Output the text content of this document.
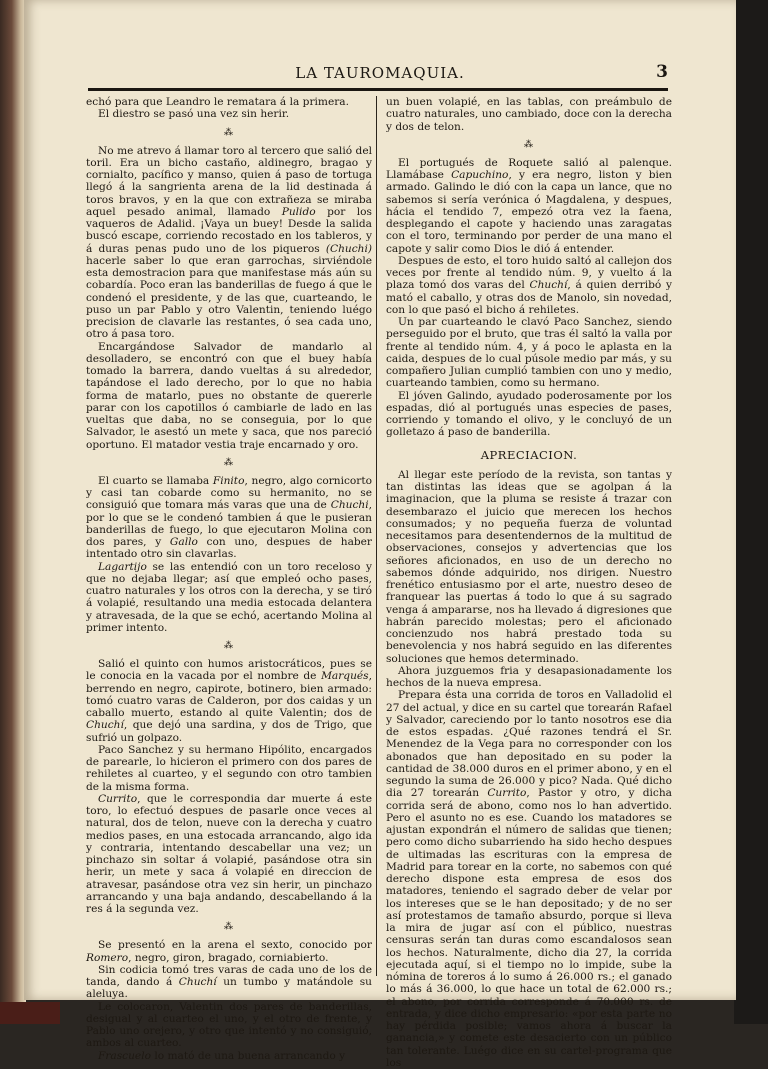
LA TAUROMAQUIA.	3

echó para que Leandro le rematara á la primera.

El diestro se pasó una vez sin herir.

⁂

No me atrevo á llamar toro al tercero que salió del toril. Era un bicho castaño, aldinegro, bragao y cornialto, pacífico y manso, quien á paso de tortuga llegó á la sangrienta arena de la lid destinada á toros bravos, y en la que con extrañeza se miraba aquel pesado animal, llamado Pulido por los vaqueros de Adalid. ¡Vaya un buey! Desde la salida buscó escape, corriendo recostado en los tableros, y á duras penas pudo uno de los piqueros (Chuchi) hacerle saber lo que eran garrochas, sirviéndole esta demostracion para que manifestase más aún su cobardía. Poco eran las banderillas de fuego á que le condenó el presidente, y de las que, cuarteando, le puso un par Pablo y otro Valentin, teniendo luégo precision de clavarle las restantes, ó sea cada uno, otro á pasa toro.

Encargándose Salvador de mandarlo al desolladero, se encontró con que el buey había tomado la barrera, dando vueltas á su alrededor, tapándose el lado derecho, por lo que no habia forma de matarlo, pues no obstante de quererle parar con los capotillos ó cambiarle de lado en las vueltas que daba, no se conseguia, por lo que Salvador, le asestó un mete y saca, que nos pareció oportuno. El matador vestia traje encarnado y oro.

⁂

El cuarto se llamaba Finito, negro, algo cornicorto y casi tan cobarde como su hermanito, no se consiguió que tomara más varas que una de Chuchi, por lo que se le condenó tambien á que le pusieran banderillas de fuego, lo que ejecutaron Molina con dos pares, y Gallo con uno, despues de haber intentado otro sin clavarlas.

Lagartijo se las entendió con un toro receloso y que no dejaba llegar; así que empleó ocho pases, cuatro naturales y los otros con la derecha, y se tiró á volapié, resultando una media estocada delantera y atravesada, de la que se echó, acertando Molina al primer intento.

⁂

Salió el quinto con humos aristocráticos, pues se le conocia en la vacada por el nombre de Marqués, berrendo en negro, capirote, botinero, bien armado: tomó cuatro varas de Calderon, por dos caidas y un caballo muerto, estando al quite Valentin; dos de Chuchí, que dejó una sardina, y dos de Trigo, que sufrió un golpazo.

Paco Sanchez y su hermano Hipólito, encargados de parearle, lo hicieron el primero con dos pares de rehiletes al cuarteo, y el segundo con otro tambien de la misma forma.

Currito, que le correspondia dar muerte á este toro, lo efectuó despues de pasarle once veces al natural, dos de telon, nueve con la derecha y cuatro medios pases, en una estocada arrancando, algo ida y contraria, intentando descabellar una vez; un pinchazo sin soltar á volapié, pasándose otra sin herir, un mete y saca á volapié en direccion de atravesar, pasándose otra vez sin herir, un pinchazo arrancando y una baja andando, descabellando á la res á la segunda vez.

⁂

Se presentó en la arena el sexto, conocido por Romero, negro, giron, bragado, corniabierto.

Sin codicia tomó tres varas de cada uno de los de tanda, dando á Chuchí un tumbo y matándole su aleluya.

Le colocaron, Valentin dos pares de banderillas, desigual y al cuarteo el uno, y el otro de frente, y Pablo uno orejero, y otro que intentó y no consiguió, ambos al cuarteo.

Frascuelo lo mató de una buena arrancando y

un buen volapié, en las tablas, con preámbulo de cuatro naturales, uno cambiado, doce con la derecha y dos de telon.

⁂

El portugués de Roquete salió al palenque. Llamábase Capuchino, y era negro, liston y bien armado. Galindo le dió con la capa un lance, que no sabemos si sería verónica ó Magdalena, y despues, hácia el tendido 7, empezó otra vez la faena, desplegando el capote y haciendo unas zaragatas con el toro, terminando por perder de una mano el capote y salir como Dios le dió á entender.

Despues de esto, el toro huido saltó al callejon dos veces por frente al tendido núm. 9, y vuelto á la plaza tomó dos varas del Chuchí, á quien derribó y mató el caballo, y otras dos de Manolo, sin novedad, con lo que pasó el bicho á rehiletes.

Un par cuarteando le clavó Paco Sanchez, siendo perseguido por el bruto, que tras él saltó la valla por frente al tendido núm. 4, y á poco le aplasta en la caida, despues de lo cual púsole medio par más, y su compañero Julian cumplió tambien con uno y medio, cuarteando tambien, como su hermano.

El jóven Galindo, ayudado poderosamente por los espadas, dió al portugués unas especies de pases, corriendo y tomando el olivo, y le concluyó de un golletazo á paso de banderilla.

APRECIACION.

Al llegar este período de la revista, son tantas y tan distintas las ideas que se agolpan á la imaginacion, que la pluma se resiste á trazar con desembarazo el juicio que merecen los hechos consumados; y no pequeña fuerza de voluntad necesitamos para desentendernos de la multitud de observaciones, consejos y advertencias que los señores aficionados, en uso de un derecho no sabemos dónde adquirido, nos dirigen. Nuestro frenético entusiasmo por el arte, nuestro deseo de franquear las puertas á todo lo que á su sagrado venga á ampararse, nos ha llevado á digresiones que habrán parecido molestas; pero el aficionado concienzudo nos habrá prestado toda su benevolencia y nos habrá seguido en las diferentes soluciones que hemos determinado.

Ahora juzguemos fria y desapasionadamente los hechos de la nueva empresa.

Prepara ésta una corrida de toros en Valladolid el 27 del actual, y dice en su cartel que torearán Rafael y Salvador, careciendo por lo tanto nosotros ese dia de estos espadas. ¿Qué razones tendrá el Sr. Menendez de la Vega para no corresponder con los abonados que han depositado en su poder la cantidad de 38.000 duros en el primer abono, y en el segundo la suma de 26.000 y pico? Nada. Qué dicho dia 27 torearán Currito, Pastor y otro, y dicha corrida será de abono, como nos lo han advertido. Pero el asunto no es ese. Cuando los matadores se ajustan expondrán el número de salidas que tienen; pero como dicho subarriendo ha sido hecho despues de ultimadas las escrituras con la empresa de Madrid para torear en la corte, no sabemos con qué derecho dispone esta empresa de esos dos matadores, teniendo el sagrado deber de velar por los intereses que se le han depositado; y de no ser así protestamos de tamaño absurdo, porque si lleva la mira de jugar así con el público, nuestras censuras serán tan duras como escandalosos sean los hechos. Naturalmente, dicho dia 27, la corrida ejecutada aquí, si el tiempo no lo impide, sube la nómina de toreros á lo sumo á 26.000 rs.; el ganado lo más á 36.000, lo que hace un total de 62.000 rs.; el abono, por corrida corresponde á 70.000 rs. de entrada, y dice dicho empresario: «por esta parte no hay pérdida posible; vamos ahora á buscar la ganancia,» y comete este desacierto con un público tan tolerante. Luégo dice en su cartel-programa que los
